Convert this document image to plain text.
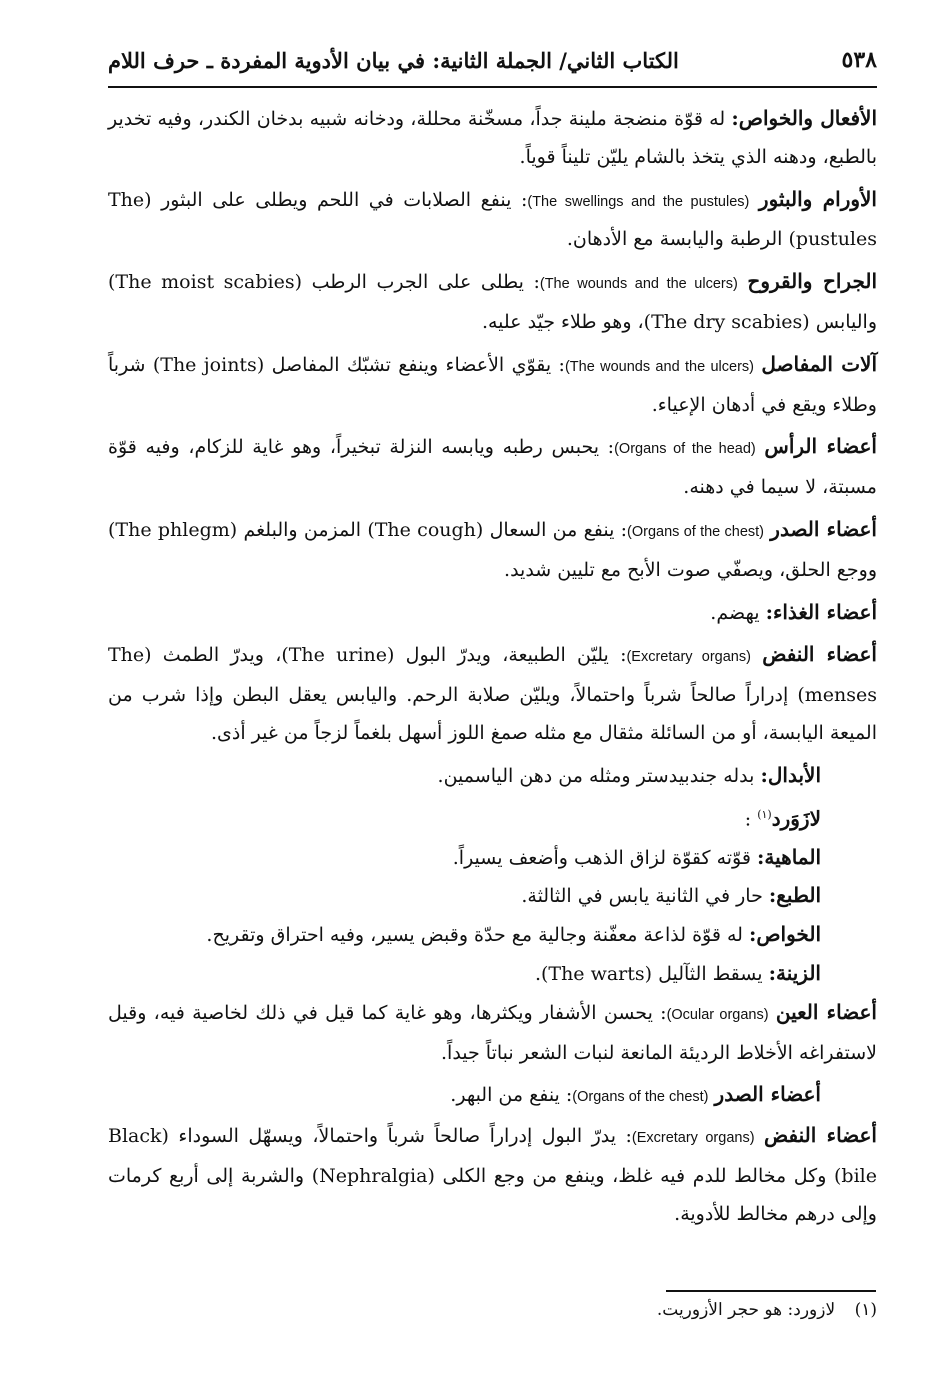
٥٣٨
الكتاب الثاني/ الجملة الثانية: في بيان الأدوية المفردة ـ حرف اللام

الأفعال والخواص: له قوّة منضجة ملينة جداً، مسخّنة محللة، ودخانه شبيه بدخان الكندر، وفيه تخدير بالطبع، ودهنه الذي يتخذ بالشام يليّن تليناً قوياً.

الأورام والبثور (The swellings and the pustules): ينفع الصلابات في اللحم ويطلى على البثور (The pustules) الرطبة واليابسة مع الأدهان.

الجراح والقروح (The wounds and the ulcers): يطلى على الجرب الرطب (The moist scabies) واليابس (The dry scabies)، وهو طلاء جيّد عليه.

آلات المفاصل (The wounds and the ulcers): يقوّي الأعضاء وينفع تشبّك المفاصل (The joints) شرباً وطلاء ويقع في أدهان الإعياء.

أعضاء الرأس (Organs of the head): يحبس رطبه ويابسه النزلة تبخيراً، وهو غاية للزكام، وفيه قوّة مسبتة، لا سيما في دهنه.

أعضاء الصدر (Organs of the chest): ينفع من السعال (The cough) المزمن والبلغم (The phlegm) ووجع الحلق، ويصفّي صوت الأبح مع تليين شديد.

أعضاء الغذاء: يهضم.

أعضاء النفض (Excretary organs): يليّن الطبيعة، ويدرّ البول (The urine)، ويدرّ الطمث (The menses) إدراراً صالحاً شرباً واحتمالاً، ويليّن صلابة الرحم. واليابس يعقل البطن وإذا شرب من الميعة اليابسة، أو من السائلة مثقال مع مثله صمغ اللوز أسهل بلغماً لزجاً من غير أذى.

الأبدال: بدله جندبيدستر ومثله من دهن الياسمين.

لازَوَرد$^{(١)}$ :

الماهية: قوّته كقوّة لزاق الذهب وأضعف يسيراً.

الطبع: حار في الثانية يابس في الثالثة.

الخواص: له قوّة لذاعة معفّنة وجالية مع حدّة وقبض يسير، وفيه احتراق وتقريح.

الزينة: يسقط الثآليل (The warts).

أعضاء العين (Ocular organs): يحسن الأشفار ويكثرها، وهو غاية كما قيل في ذلك لخاصية فيه، وقيل لاستفراغه الأخلاط الرديئة المانعة لنبات الشعر نباتاً جيداً.

أعضاء الصدر (Organs of the chest): ينفع من البهر.

أعضاء النفض (Excretary organs): يدرّ البول إدراراً صالحاً شرباً واحتمالاً، ويسهّل السوداء (Black bile) وكل مخالط للدم فيه غلظ، وينفع من وجع الكلى (Nephralgia) والشربة إلى أربع كرمات وإلى درهم مخالط للأدوية.

(١) لازورد: هو حجر الأزوريت.
